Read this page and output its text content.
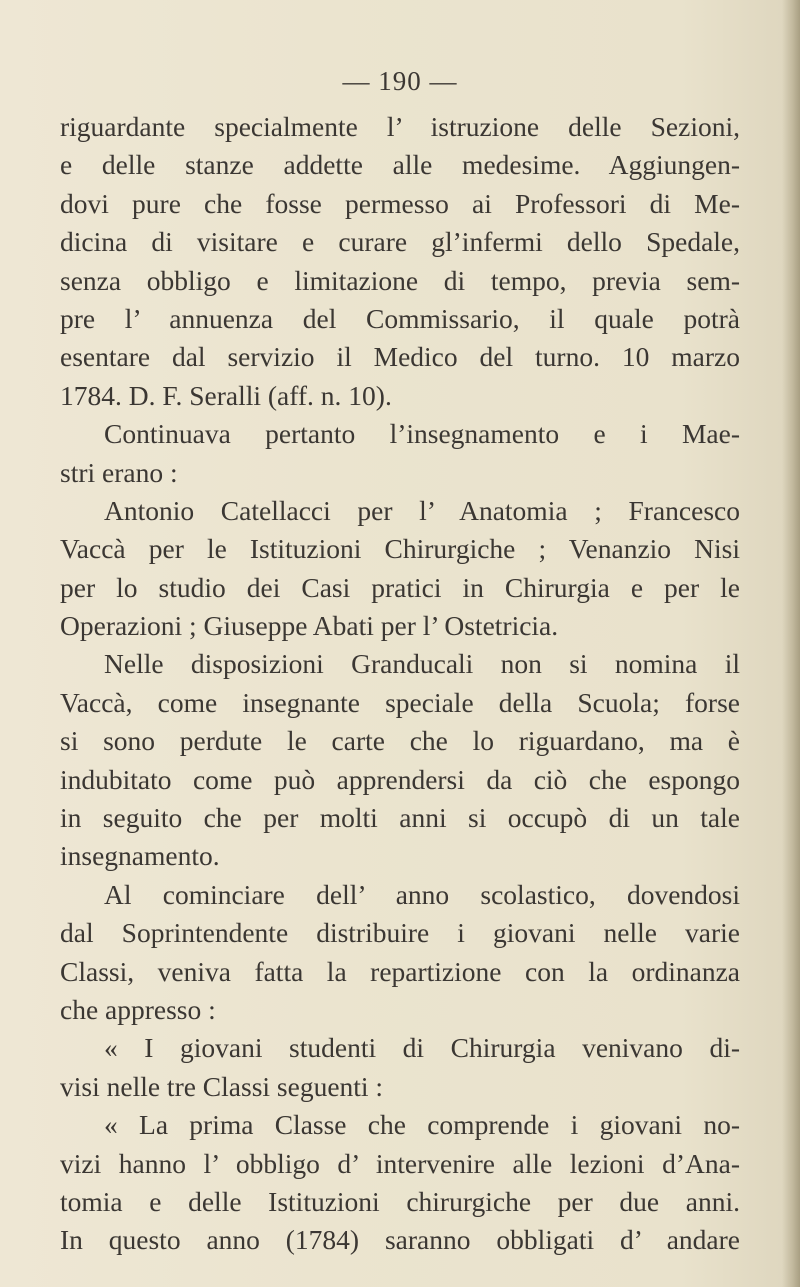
— 190 —
riguardante specialmente l’ istruzione delle Sezioni,
e delle stanze addette alle medesime. Aggiungen-
dovi pure che fosse permesso ai Professori di Me-
dicina di visitare e curare gl’infermi dello Spedale,
senza obbligo e limitazione di tempo, previa sem-
pre l’ annuenza del Commissario, il quale potrà
esentare dal servizio il Medico del turno. 10 marzo
1784. D. F. Seralli (aff. n. 10).
Continuava pertanto l’insegnamento e i Mae-
stri erano :
Antonio Catellacci per l’ Anatomia ; Francesco
Vaccà per le Istituzioni Chirurgiche ; Venanzio Nisi
per lo studio dei Casi pratici in Chirurgia e per le
Operazioni ; Giuseppe Abati per l’ Ostetricia.
Nelle disposizioni Granducali non si nomina il
Vaccà, come insegnante speciale della Scuola; forse
si sono perdute le carte che lo riguardano, ma è
indubitato come può apprendersi da ciò che espongo
in seguito che per molti anni si occupò di un tale
insegnamento.
Al cominciare dell’ anno scolastico, dovendosi
dal Soprintendente distribuire i giovani nelle varie
Classi, veniva fatta la repartizione con la ordinanza
che appresso :
« I giovani studenti di Chirurgia venivano di-
visi nelle tre Classi seguenti :
« La prima Classe che comprende i giovani no-
vizi hanno l’ obbligo d’ intervenire alle lezioni d’Ana-
tomia e delle Istituzioni chirurgiche per due anni.
In questo anno (1784) saranno obbligati d’ andare
